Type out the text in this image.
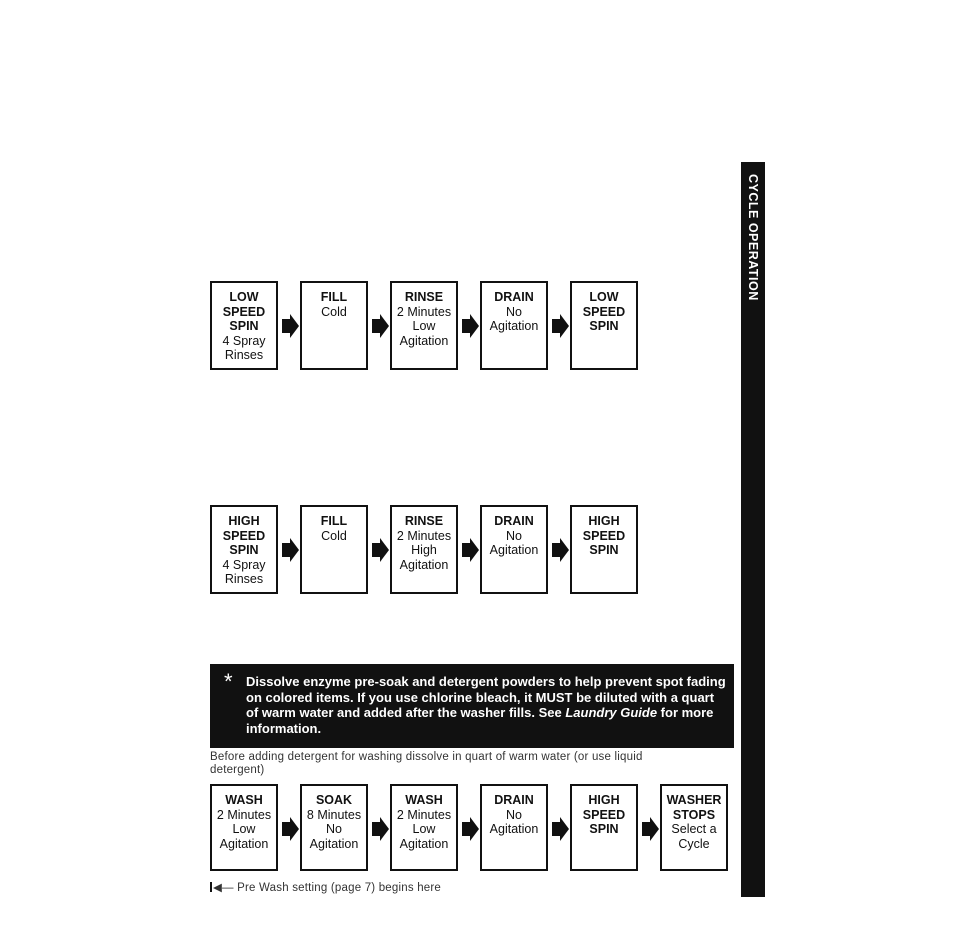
CYCLE OPERATION
LOW
SPEED
SPIN
4 Spray
Rinses
FILL
Cold
RINSE
2 Minutes
Low
Agitation
DRAIN
No
Agitation
LOW
SPEED
SPIN
HIGH
SPEED
SPIN
4 Spray
Rinses
FILL
Cold
RINSE
2 Minutes
High
Agitation
DRAIN
No
Agitation
HIGH
SPEED
SPIN
WASH
2 Minutes
Low
Agitation
SOAK
8 Minutes
No
Agitation
WASH
2 Minutes
Low
Agitation
DRAIN
No
Agitation
HIGH
SPEED
SPIN
WASHER
STOPS
Select a
Cycle
* Dissolve enzyme pre-soak and detergent powders to help prevent spot fading on colored items. If you use chlorine bleach, it MUST be diluted with a quart of warm water and added after the washer fills. See Laundry Guide for more information.
Before adding detergent for washing dissolve in quart of warm water (or use liquid detergent)
◀— Pre Wash setting (page 7) begins here
